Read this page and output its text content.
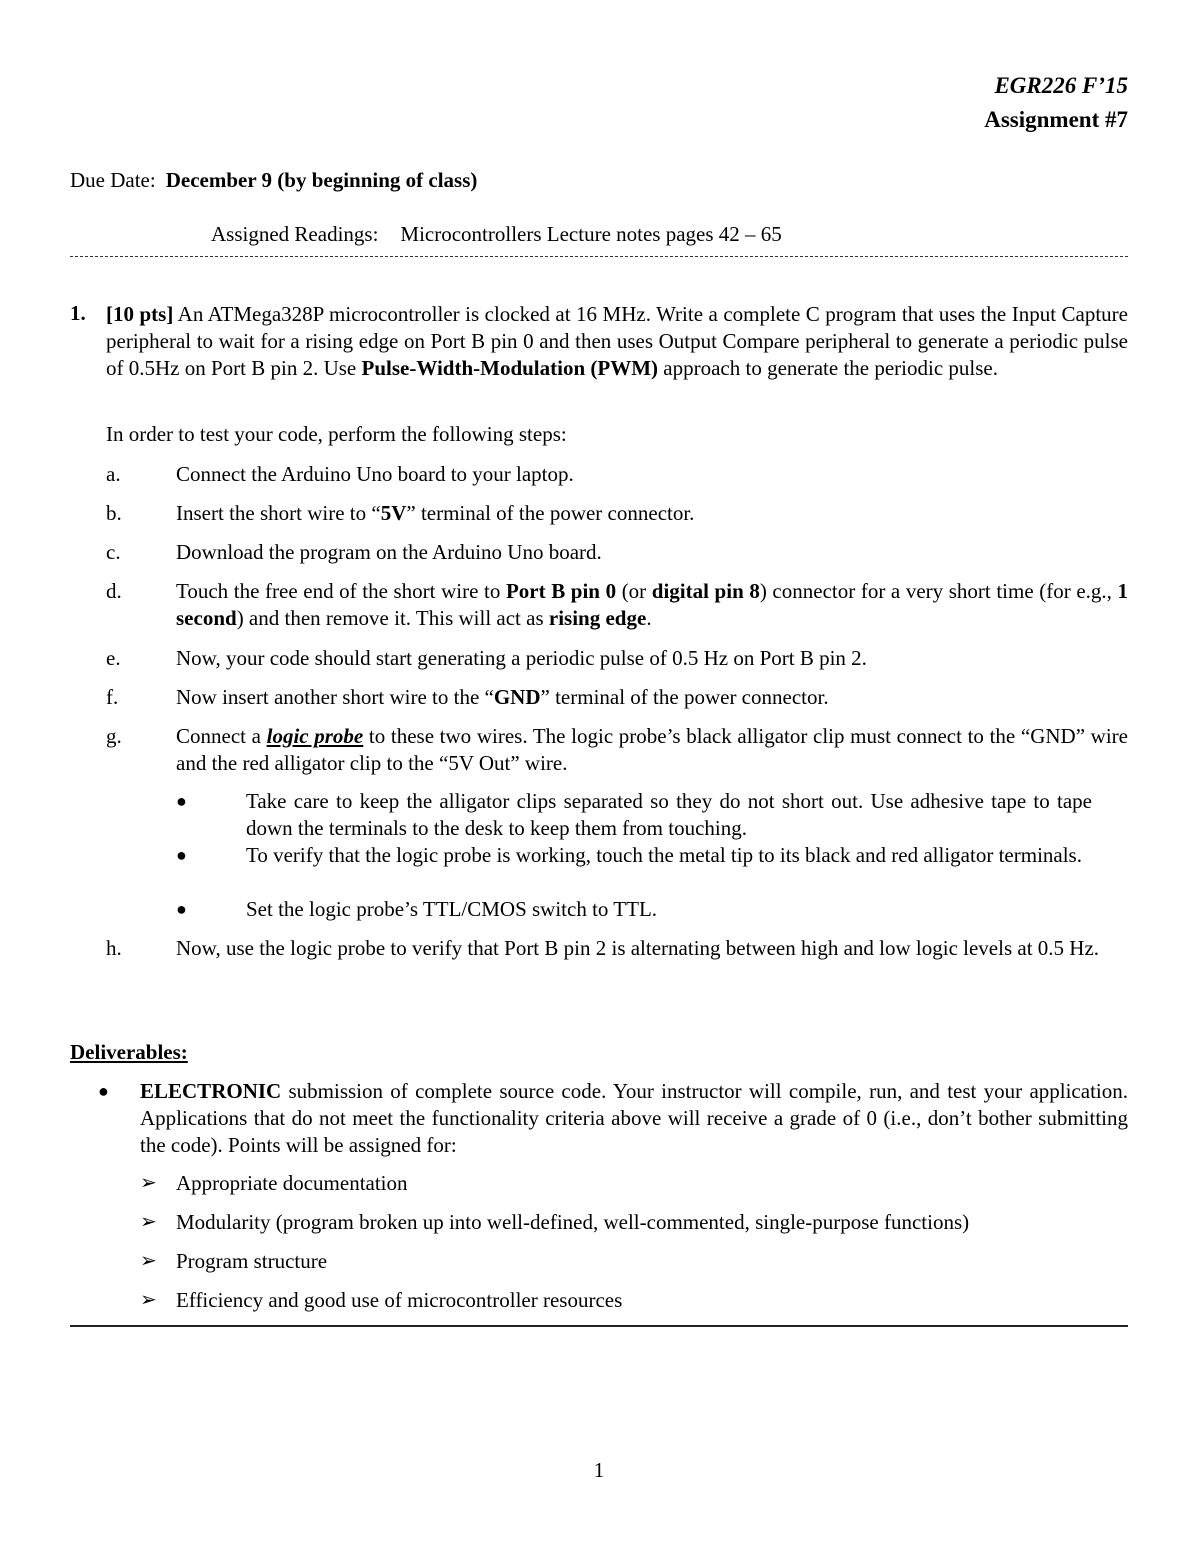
EGR226 F’15
Assignment #7
Due Date: December 9 (by beginning of class)
Assigned Readings: Microcontrollers Lecture notes pages 42 – 65
1. [10 pts] An ATMega328P microcontroller is clocked at 16 MHz. Write a complete C program that uses the Input Capture peripheral to wait for a rising edge on Port B pin 0 and then uses Output Compare peripheral to generate a periodic pulse of 0.5Hz on Port B pin 2. Use Pulse-Width-Modulation (PWM) approach to generate the periodic pulse.
In order to test your code, perform the following steps:
a.	Connect the Arduino Uno board to your laptop.
b.	Insert the short wire to “5V” terminal of the power connector.
c.	Download the program on the Arduino Uno board.
d.	Touch the free end of the short wire to Port B pin 0 (or digital pin 8) connector for a very short time (for e.g., 1 second) and then remove it. This will act as rising edge.
e.	Now, your code should start generating a periodic pulse of 0.5 Hz on Port B pin 2.
f.	Now insert another short wire to the “GND” terminal of the power connector.
g.	Connect a logic probe to these two wires. The logic probe’s black alligator clip must connect to the “GND” wire and the red alligator clip to the “5V Out” wire.
●	Take care to keep the alligator clips separated so they do not short out. Use adhesive tape to tape down the terminals to the desk to keep them from touching.
●	To verify that the logic probe is working, touch the metal tip to its black and red alligator terminals.
●	Set the logic probe’s TTL/CMOS switch to TTL.
h.	Now, use the logic probe to verify that Port B pin 2 is alternating between high and low logic levels at 0.5 Hz.
Deliverables:
● ELECTRONIC submission of complete source code. Your instructor will compile, run, and test your application. Applications that do not meet the functionality criteria above will receive a grade of 0 (i.e., don’t bother submitting the code). Points will be assigned for:
➢ Appropriate documentation
➢ Modularity (program broken up into well-defined, well-commented, single-purpose functions)
➢ Program structure
➢ Efficiency and good use of microcontroller resources
1
